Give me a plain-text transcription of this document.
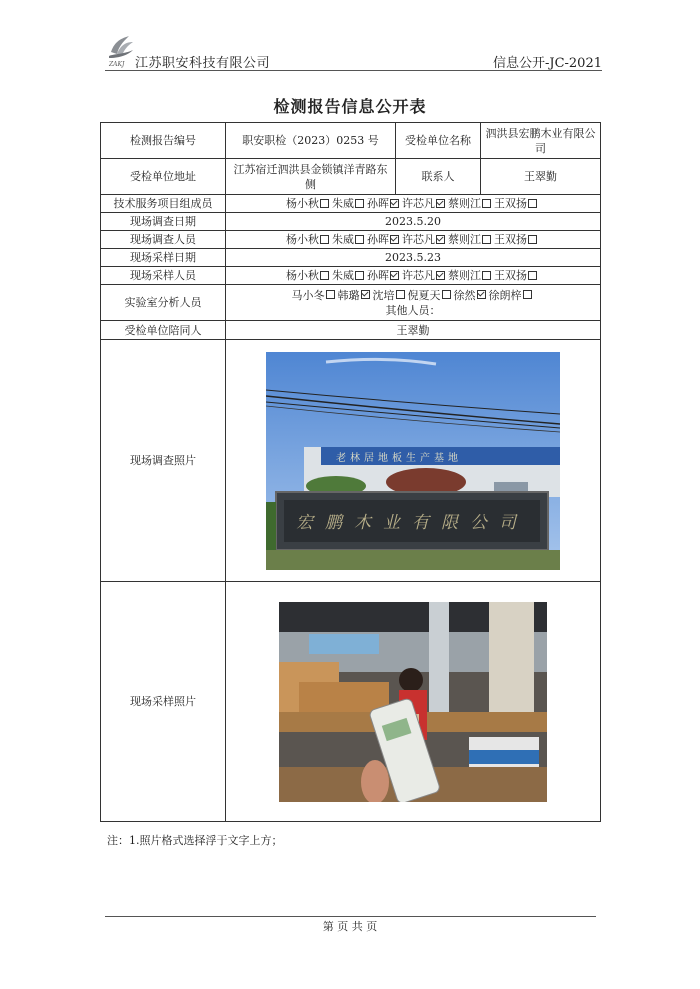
ZAKJ 江苏职安科技有限公司	信息公开-JC-2021
检测报告信息公开表
检测报告编号	职安职检（2023）0253 号	受检单位名称	泗洪县宏鹏木业有限公司
受检单位地址	江苏宿迁泗洪县金锁镇洋青路东侧	联系人	王翠勤
技术服务项目组成员	杨小秋 朱威 孙晖 许芯凡 蔡则江 王双扬		
现场调查日期	2023.5.20		
现场调查人员	杨小秋 朱威 孙晖 许芯凡 蔡则江 王双扬		
现场采样日期	2023.5.23		
现场采样人员	杨小秋 朱威 孙晖 许芯凡 蔡则江 王双扬		
实验室分析人员	马小冬 韩璐 沈培 倪夏天 徐然 徐朗梓
其他人员：		

受检单位陪同人	王翠勤		
现场调查照片	老林居地板生产基地
宏鹏木业有限公司		

现场采样照片	
注：1.照片格式选择浮于文字上方；
第 页 共 页
